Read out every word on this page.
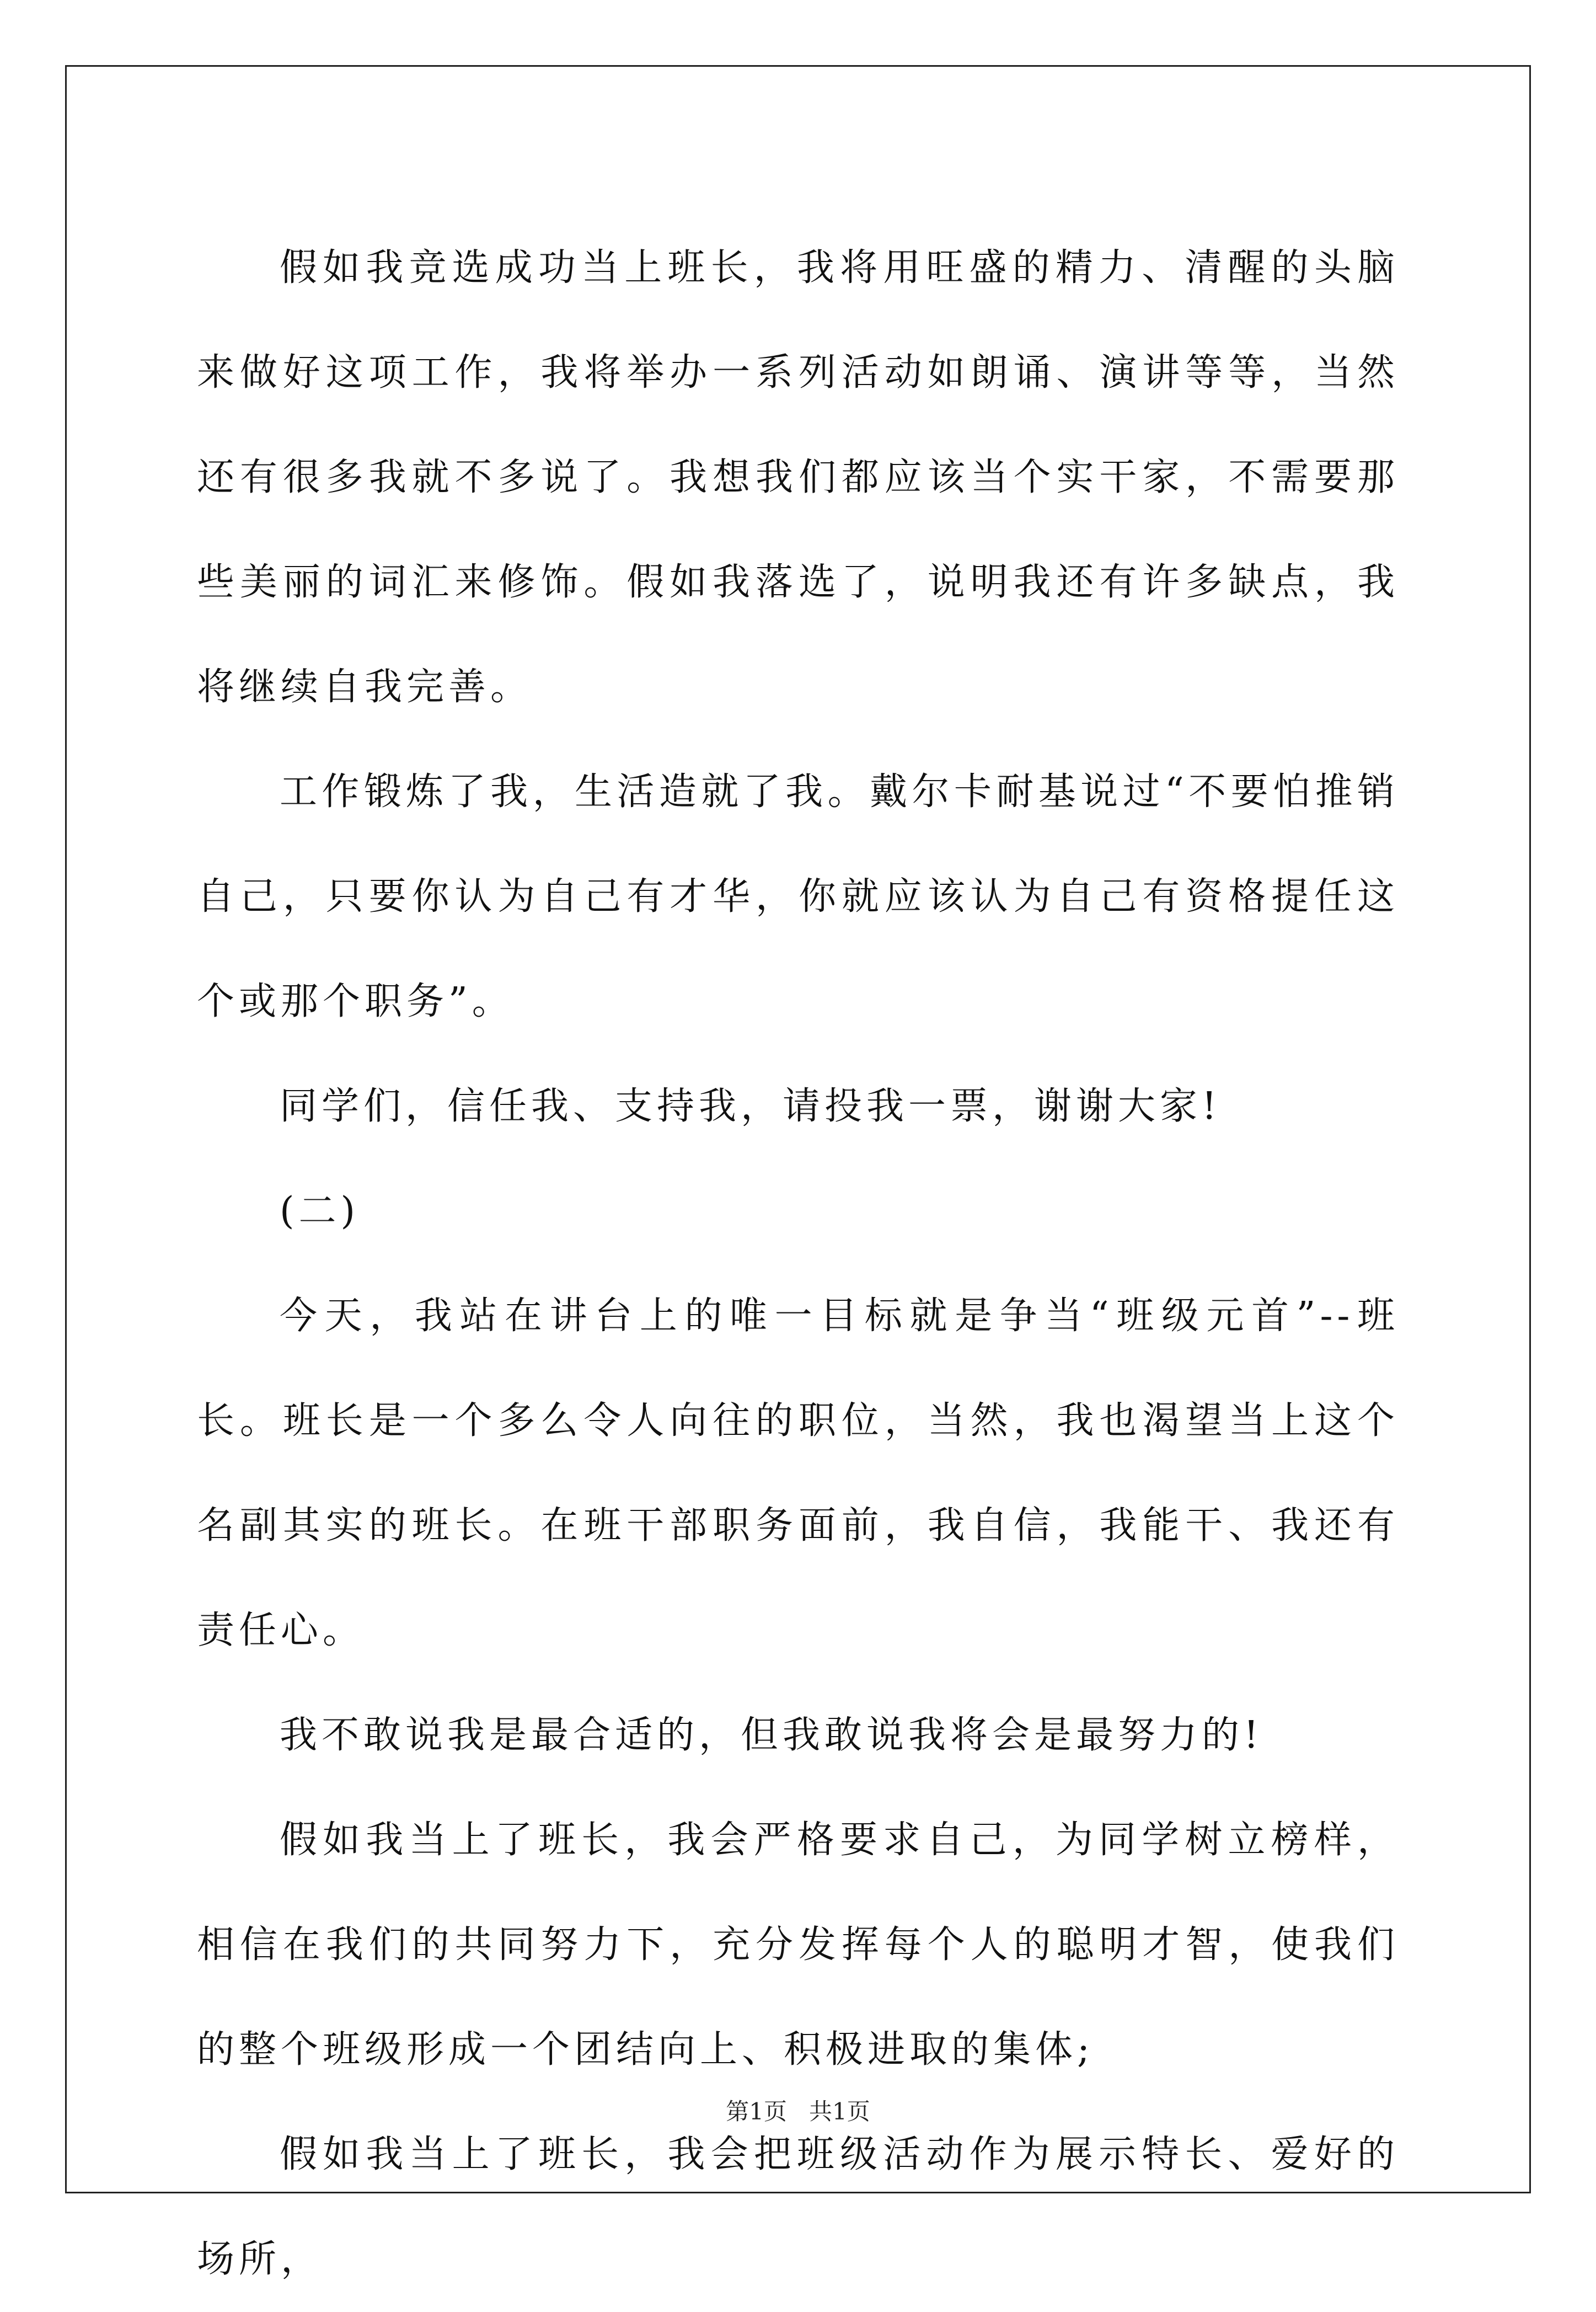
假如我竞选成功当上班长，我将用旺盛的精力、清醒的头脑来做好这项工作，我将举办一系列活动如朗诵、演讲等等，当然还有很多我就不多说了。我想我们都应该当个实干家，不需要那些美丽的词汇来修饰。假如我落选了，说明我还有许多缺点，我将继续自我完善。

工作锻炼了我，生活造就了我。戴尔卡耐基说过“不要怕推销自己，只要你认为自己有才华，你就应该认为自己有资格提任这个或那个职务”。

同学们，信任我、支持我，请投我一票，谢谢大家!

(二)

今天，我站在讲台上的唯一目标就是争当“班级元首”--班长。班长是一个多么令人向往的职位，当然，我也渴望当上这个名副其实的班长。在班干部职务面前，我自信，我能干、我还有责任心。

我不敢说我是最合适的，但我敢说我将会是最努力的!

假如我当上了班长，我会严格要求自己，为同学树立榜样，相信在我们的共同努力下，充分发挥每个人的聪明才智，使我们的整个班级形成一个团结向上、积极进取的集体;

假如我当上了班长，我会把班级活动作为展示特长、爱好的场所，

第1页 共1页
